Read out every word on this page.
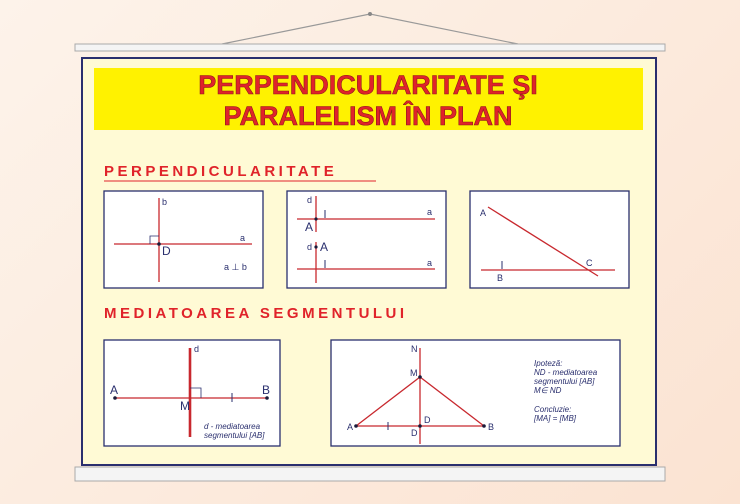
PERPENDICULARITATE ŞI
PARALELISM ÎN PLAN
PERPENDICULARITATE
MEDIATOAREA SEGMENTULUI
b
a
D
a ⊥ b
d
a
A
d A
a
A
B
C
d
A	B
M
d - mediatoarea
segmentului [AB]
N
M
A	B
D
D
Ipoteză:
ND - mediatoarea
segmentului [AB]
M∈ ND
Concluzie:
[MA] = [MB]
